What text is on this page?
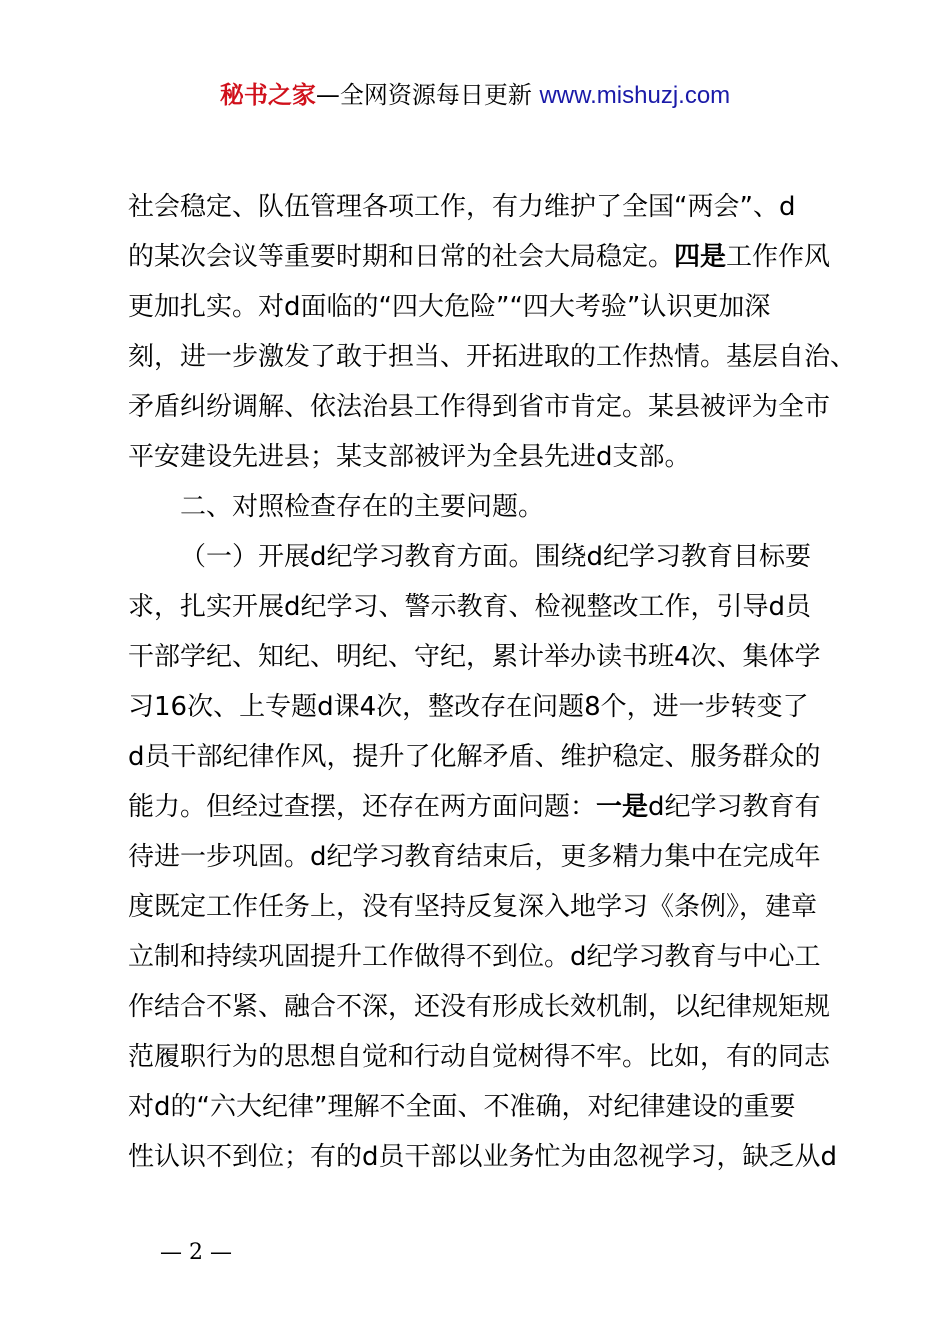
秘书之家—全网资源每日更新 www.mishuzj.com
社会稳定、队伍管理各项工作，有力维护了全国“两会”、d
的某次会议等重要时期和日常的社会大局稳定。四是工作作风
更加扎实。对d面临的“四大危险”“四大考验”认识更加深
刻，进一步激发了敢于担当、开拓进取的工作热情。基层自治、
矛盾纠纷调解、依法治县工作得到省市肯定。某县被评为全市
平安建设先进县；某支部被评为全县先进d支部。
二、对照检查存在的主要问题。
（一）开展d纪学习教育方面。围绕d纪学习教育目标要
求，扎实开展d纪学习、警示教育、检视整改工作，引导d员
干部学纪、知纪、明纪、守纪，累计举办读书班4次、集体学
习16次、上专题d课4次，整改存在问题8个，进一步转变了
d员干部纪律作风，提升了化解矛盾、维护稳定、服务群众的
能力。但经过查摆，还存在两方面问题：一是d纪学习教育有
待进一步巩固。d纪学习教育结束后，更多精力集中在完成年
度既定工作任务上，没有坚持反复深入地学习《条例》，建章
立制和持续巩固提升工作做得不到位。d纪学习教育与中心工
作结合不紧、融合不深，还没有形成长效机制，以纪律规矩规
范履职行为的思想自觉和行动自觉树得不牢。比如，有的同志
对d的“六大纪律”理解不全面、不准确，对纪律建设的重要
性认识不到位；有的d员干部以业务忙为由忽视学习，缺乏从d
— 2 —
